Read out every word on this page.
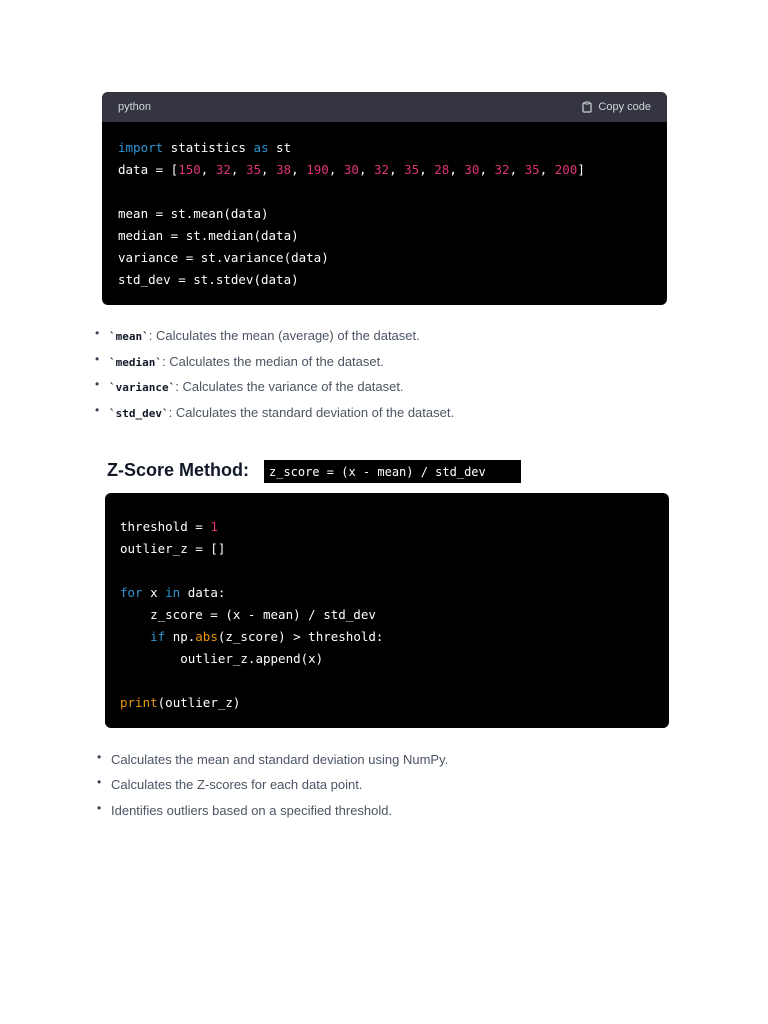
python	Copy code
import statistics as st
data = [150, 32, 35, 38, 190, 30, 32, 35, 28, 30, 32, 35, 200]
mean = st.mean(data)
median = st.median(data)
variance = st.variance(data)
std_dev = st.stdev(data)
• `mean`: Calculates the mean (average) of the dataset.
• `median`: Calculates the median of the dataset.
• `variance`: Calculates the variance of the dataset.
• `std_dev`: Calculates the standard deviation of the dataset.
Z-Score Method:	z_score = (x - mean) / std_dev
threshold = 1
outlier_z = []
for x in data:
z_score = (x - mean) / std_dev
if np.abs(z_score) > threshold:
outlier_z.append(x)
print(outlier_z)
• Calculates the mean and standard deviation using NumPy.
• Calculates the Z-scores for each data point.
• Identifies outliers based on a specified threshold.
